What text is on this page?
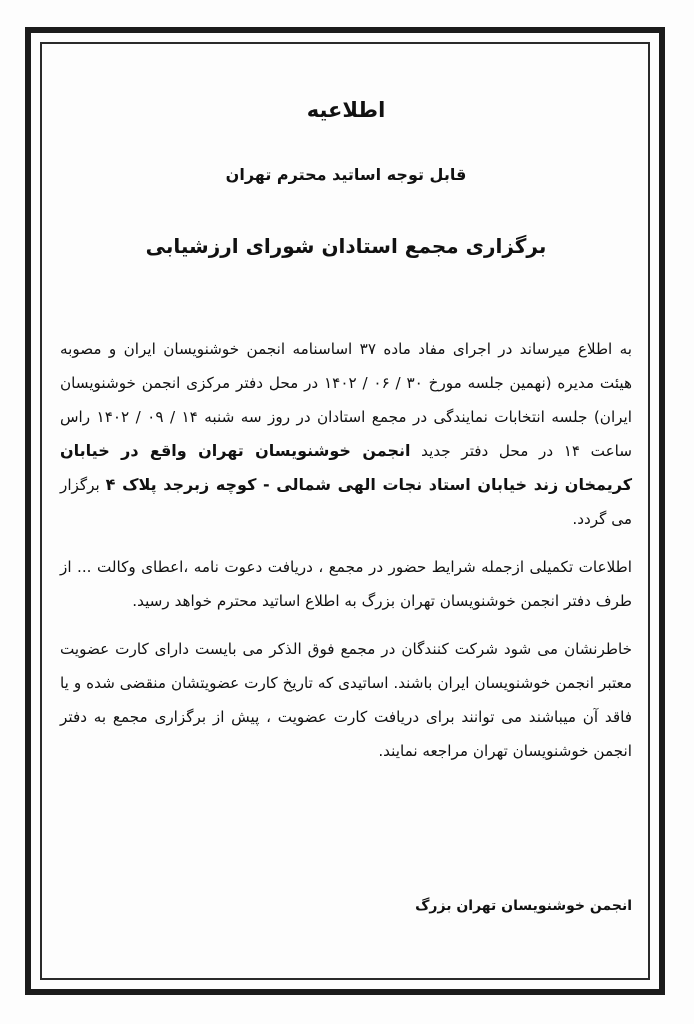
اطلاعیه
قابل توجه اساتید محترم تهران
برگزاری مجمع استادان شورای ارزشیابی
به اطلاع میرساند در اجرای مفاد ماده ۳۷ اساسنامه انجمن خوشنویسان ایران و مصوبه هیئت مدیره (نهمین جلسه مورخ ۳۰ / ۰۶ / ۱۴۰۲ در محل دفتر مرکزی انجمن خوشنویسان ایران) جلسه انتخابات نمایندگی در مجمع استادان در روز سه شنبه ۱۴ / ۰۹ / ۱۴۰۲ راس ساعت ۱۴ در محل دفتر جدید انجمن خوشنویسان تهران واقع در خیابان کریمخان زند خیابان استاد نجات الهی شمالی - کوچه زبرجد پلاک ۴ برگزار می گردد.
اطلاعات تکمیلی ازجمله شرایط حضور در مجمع ، دریافت دعوت نامه ،اعطای وکالت ... از طرف دفتر انجمن خوشنویسان تهران بزرگ به اطلاع اساتید محترم خواهد رسید.
خاطرنشان می شود شرکت کنندگان در مجمع فوق الذکر می بایست دارای کارت عضویت معتبر انجمن خوشنویسان ایران باشند. اساتیدی که تاریخ کارت عضویتشان منقضی شده و یا فاقد آن میباشند می توانند برای دریافت کارت عضویت ، پیش از برگزاری مجمع به دفتر انجمن خوشنویسان تهران مراجعه نمایند.
انجمن خوشنویسان تهران بزرگ
